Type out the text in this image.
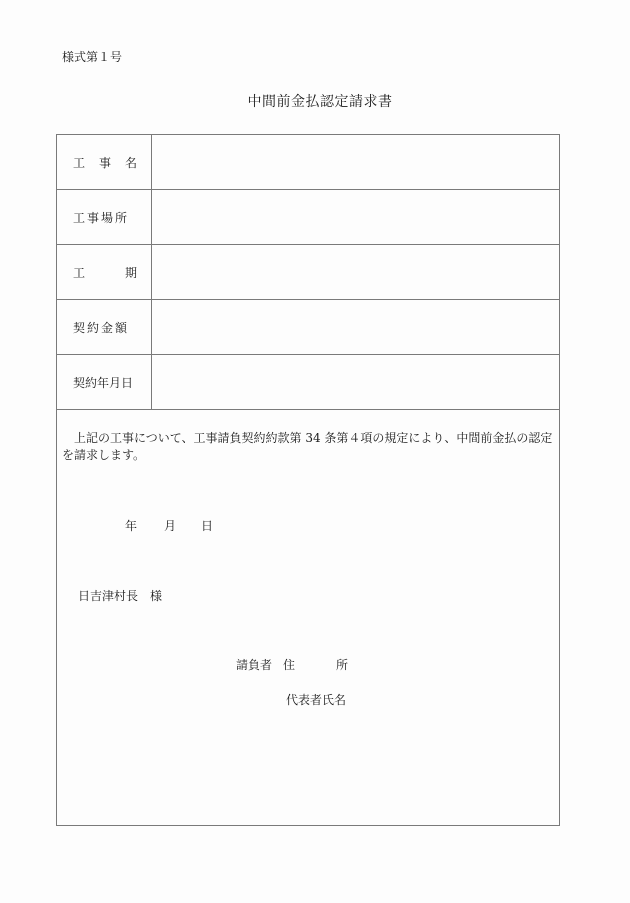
様式第１号
中間前金払認定請求書
工 事 名
工事場所
工	期
契約金額
契約年月日
上記の工事について、工事請負契約約款第 34 条第４項の規定により、中間前金払の認定を請求します。
年 月 日
日吉津村長　様
請負者 住	所
代表者氏名
